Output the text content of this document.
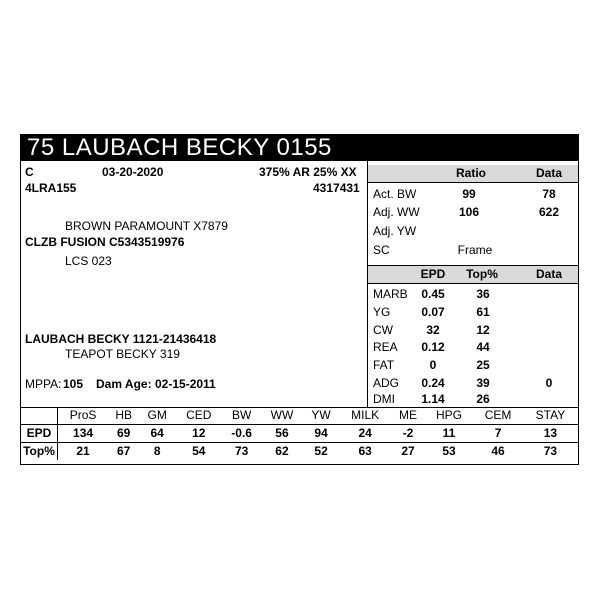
75 LAUBACH BECKY 0155
C	03-20-2020	375% AR 25% XX
4LRA155	4317431
BROWN PARAMOUNT X7879
CLZB FUSION C5343519976
LCS 023
LAUBACH BECKY 1121-21436418
TEAPOT BECKY 319
MPPA: 105 Dam Age: 02-15-2011
Ratio	Data
Act. BW	99	78
Adj. WW	106	622
Adj. YW
SC	Frame
EPD	Top%	Data
MARB	0.45	36
YG	0.07	61
CW	32	12
REA	0.12	44
FAT	0	25
ADG	0.24	39	0
DMI	1.14	26
	ProS	HB	GM	CED	BW	WW	YW	MILK	ME	HPG	CEM	STAY
EPD	134	69	64	12	-0.6	56	94	24	-2	11	7	13
Top%	21	67	8	54	73	62	52	63	27	53	46	73
